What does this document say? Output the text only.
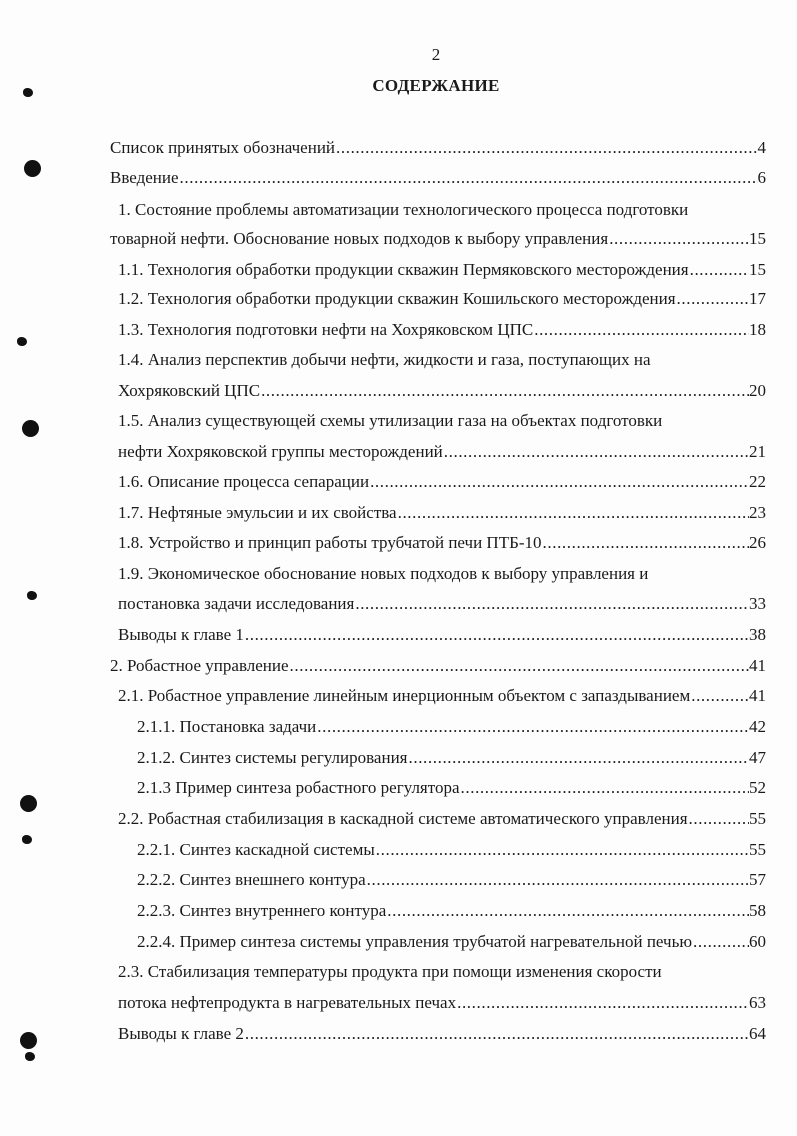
2
СОДЕРЖАНИЕ
Список принятых обозначений .....	4
Введение .....	6
1. Состояние проблемы автоматизации технологического процесса подготовки
товарной нефти. Обоснование новых подходов к выбору управления .....	15
1.1. Технология обработки продукции скважин Пермяковского месторождения .....	15
1.2. Технология обработки продукции скважин Кошильского месторождения .....	17
1.3. Технология подготовки нефти на Хохряковском ЦПС .....	18
1.4. Анализ перспектив добычи нефти, жидкости и газа, поступающих на
Хохряковский ЦПС .....	20
1.5. Анализ существующей схемы утилизации газа на объектах подготовки
нефти Хохряковской группы месторождений .....	21
1.6. Описание процесса сепарации .....	22
1.7. Нефтяные эмульсии и их свойства .....	23
1.8. Устройство и принцип работы трубчатой печи ПТБ-10 .....	26
1.9. Экономическое обоснование новых подходов к выбору управления и
постановка задачи исследования .....	33
Выводы к главе 1 .....	38
2. Робастное управление .....	41
2.1. Робастное управление линейным инерционным объектом с запаздыванием .....	41
2.1.1. Постановка задачи .....	42
2.1.2. Синтез системы регулирования .....	47
2.1.3 Пример синтеза робастного регулятора .....	52
2.2. Робастная стабилизация в каскадной системе автоматического управления .....	55
2.2.1. Синтез каскадной системы .....	55
2.2.2. Синтез внешнего контура .....	57
2.2.3. Синтез внутреннего контура .....	58
2.2.4. Пример синтеза системы управления трубчатой нагревательной печью .....	60
2.3. Стабилизация температуры продукта при помощи изменения скорости
потока нефтепродукта в нагревательных печах .....	63
Выводы к главе 2 .....	64
